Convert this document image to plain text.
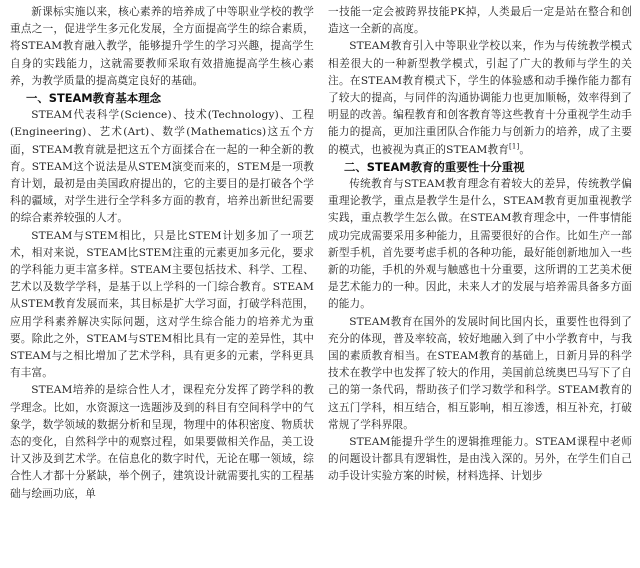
新课标实施以来，核心素养的培养成了中等职业学校的教学重点之一，促进学生多元化发展，全方面提高学生的综合素质，将STEAM教育融入教学，能够提升学生的学习兴趣，提高学生自身的实践能力，这就需要教师采取有效措施提高学生核心素养，为教学质量的提高奠定良好的基础。

一、STEAM教育基本理念

STEAM代表科学(Science)、技术(Technology)、工程(Engineering)、艺术(Art)、数学(Mathematics)这五个方面，STEAM教育就是把这五个方面揉合在一起的一种全新的教育。STEAM这个说法是从STEM演变而来的，STEM是一项教育计划，最初是由美国政府提出的，它的主要目的是打破各个学科的疆域，对学生进行全学科多方面的教育，培养出新世纪需要的综合素养较强的人才。

STEAM与STEM相比，只是比STEM计划多加了一项艺术，相对来说，STEAM比STEM注重的元素更加多元化，要求的学科能力更丰富多样。STEAM主要包括技术、科学、工程、艺术以及数学学科，是基于以上学科的一门综合教育。STEAM从STEM教育发展而来，其目标是扩大学习面，打破学科范围，应用学科素养解决实际问题，这对学生综合能力的培养尤为重要。除此之外，STEAM与STEM相比具有一定的差异性，其中STEAM与之相比增加了艺术学科，具有更多的元素，学科更具有丰富。

STEAM培养的是综合性人才，课程充分发挥了跨学科的教学理念。比如，水资源这一选题涉及到的科目有空间科学中的气象学，数学领域的数据分析和呈现，物理中的体积密度、物质状态的变化，自然科学中的观察过程，如果要做相关作品，美工设计又涉及到艺术学。在信息化的数字时代，无论在哪一领域，综合性人才都十分紧缺，举个例子，建筑设计就需要扎实的工程基础与绘画功底，单

一技能一定会被跨界技能PK掉，人类最后一定是站在整合和创造这一全新的高度。

STEAM教育引入中等职业学校以来，作为与传统教学模式相差很大的一种新型教学模式，引起了广大的教师与学生的关注。在STEAM教育模式下，学生的体验感和动手操作能力都有了较大的提高，与同伴的沟通协调能力也更加顺畅，效率得到了明显的改善。编程教育和创客教育等这些教育十分重视学生动手能力的提高，更加注重团队合作能力与创新力的培养，成了主要的模式，也被视为真正的STEAM教育[1]。

二、STEAM教育的重要性十分重视

传统教育与STEAM教育理念有着较大的差异，传统教学偏重理论教学，重点是教学生是什么，STEAM教育更加重视教学实践，重点教学生怎么做。在STEAM教育理念中，一件事情能成功完成需要采用多种能力，且需要很好的合作。比如生产一部新型手机，首先要考虑手机的各种功能，最好能创新地加入一些新的功能，手机的外观与触感也十分重要，这所谓的工艺美术便是艺术能力的一种。因此，未来人才的发展与培养需具备多方面的能力。

STEAM教育在国外的发展时间比国内长，重要性也得到了充分的体现，普及率较高，较好地融入到了中小学教育中，与我国的素质教育相当。在STEAM教育的基础上，日新月异的科学技术在教学中也发挥了较大的作用，美国前总统奥巴马写下了自己的第一条代码，帮助孩子们学习数学和科学。STEAM教育的这五门学科，相互结合，相互影响，相互渗透，相互补充，打破常规了学科界限。

STEAM能提升学生的逻辑推理能力。STEAM课程中老师的问题设计都具有逻辑性，是由浅入深的。另外，在学生们自己动手设计实验方案的时候，材料选择、计划步
